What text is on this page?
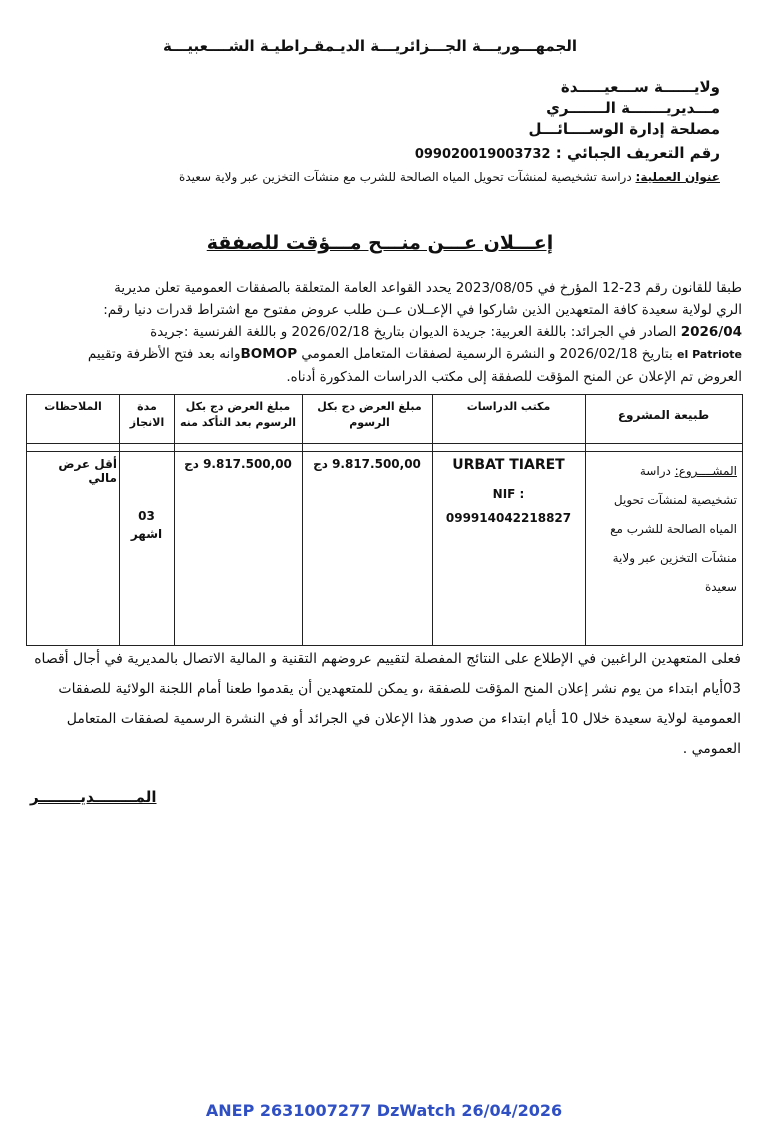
الجمهـــوريـــة الجـــزائريـــة الديـمقـراطيـة الشــــعبيـــة
ولايــــــة ســـعيـــــدة
مـــديريـــــــة الـــــــري
مصلحة إدارة الوســــائـــل
رقم التعريف الجبائي : 099020019003732
عنوان العملية: دراسة تشخيصية لمنشآت تحويل المياه الصالحة للشرب مع منشآت التخزين عبر ولاية سعيدة
إعـــلان عـــن منـــح مـــؤقت للصفقة

طبقا للقانون رقم 23-12 المؤرخ في 2023/08/05 يحدد القواعد العامة المتعلقة بالصفقات العمومية تعلن مديرية

الري لولاية سعيدة كافة المتعهدين الذين شاركوا في الإعــلان عــن طلب عروض مفتوح مع اشتراط قدرات دنيا رقم:

2026/04 الصادر في الجرائد: باللغة العربية: جريدة الديوان بتاريخ 2026/02/18 و باللغة الفرنسية :جريدة

el Patriote بتاريخ 2026/02/18 و النشرة الرسمية لصفقات المتعامل العمومي BOMOPوانه بعد فتح الأظرفة وتقييم

العروض تم الإعلان عن المنح المؤقت للصفقة إلى مكتب الدراسات المذكورة أدناه.

طبيعة المشروع
مكتب الدراسات
مبلغ العرض دج بكل الرسوم
مبلغ العرض دج بكل الرسوم بعد التأكد منه
مدة الانجاز
الملاحظات
المشــــروع: دراسة تشخيصية لمنشآت تحويل المياه الصالحة للشرب مع منشآت التخزين عبر ولاية سعيدة
URBAT TIARET
NIF :
099914042218827
9.817.500,00 دج
9.817.500,00 دج
03
اشهر
أقل عرض مالي

فعلى المتعهدين الراغبين في الإطلاع على النتائج المفصلة لتقييم عروضهم التقنية و المالية الاتصال بالمديرية في أجال أقصاه

03أيام ابتداء من يوم نشر إعلان المنح المؤقت للصفقة ،و يمكن للمتعهدين أن يقدموا طعنا أمام اللجنة الولائية للصفقات

العمومية لولاية سعيدة خلال 10 أيام ابتداء من صدور هذا الإعلان في الجرائد أو في النشرة الرسمية لصفقات المتعامل

العمومي .

المــــــــديــــــــر
ANEP 2631007277 DzWatch 26/04/2026
